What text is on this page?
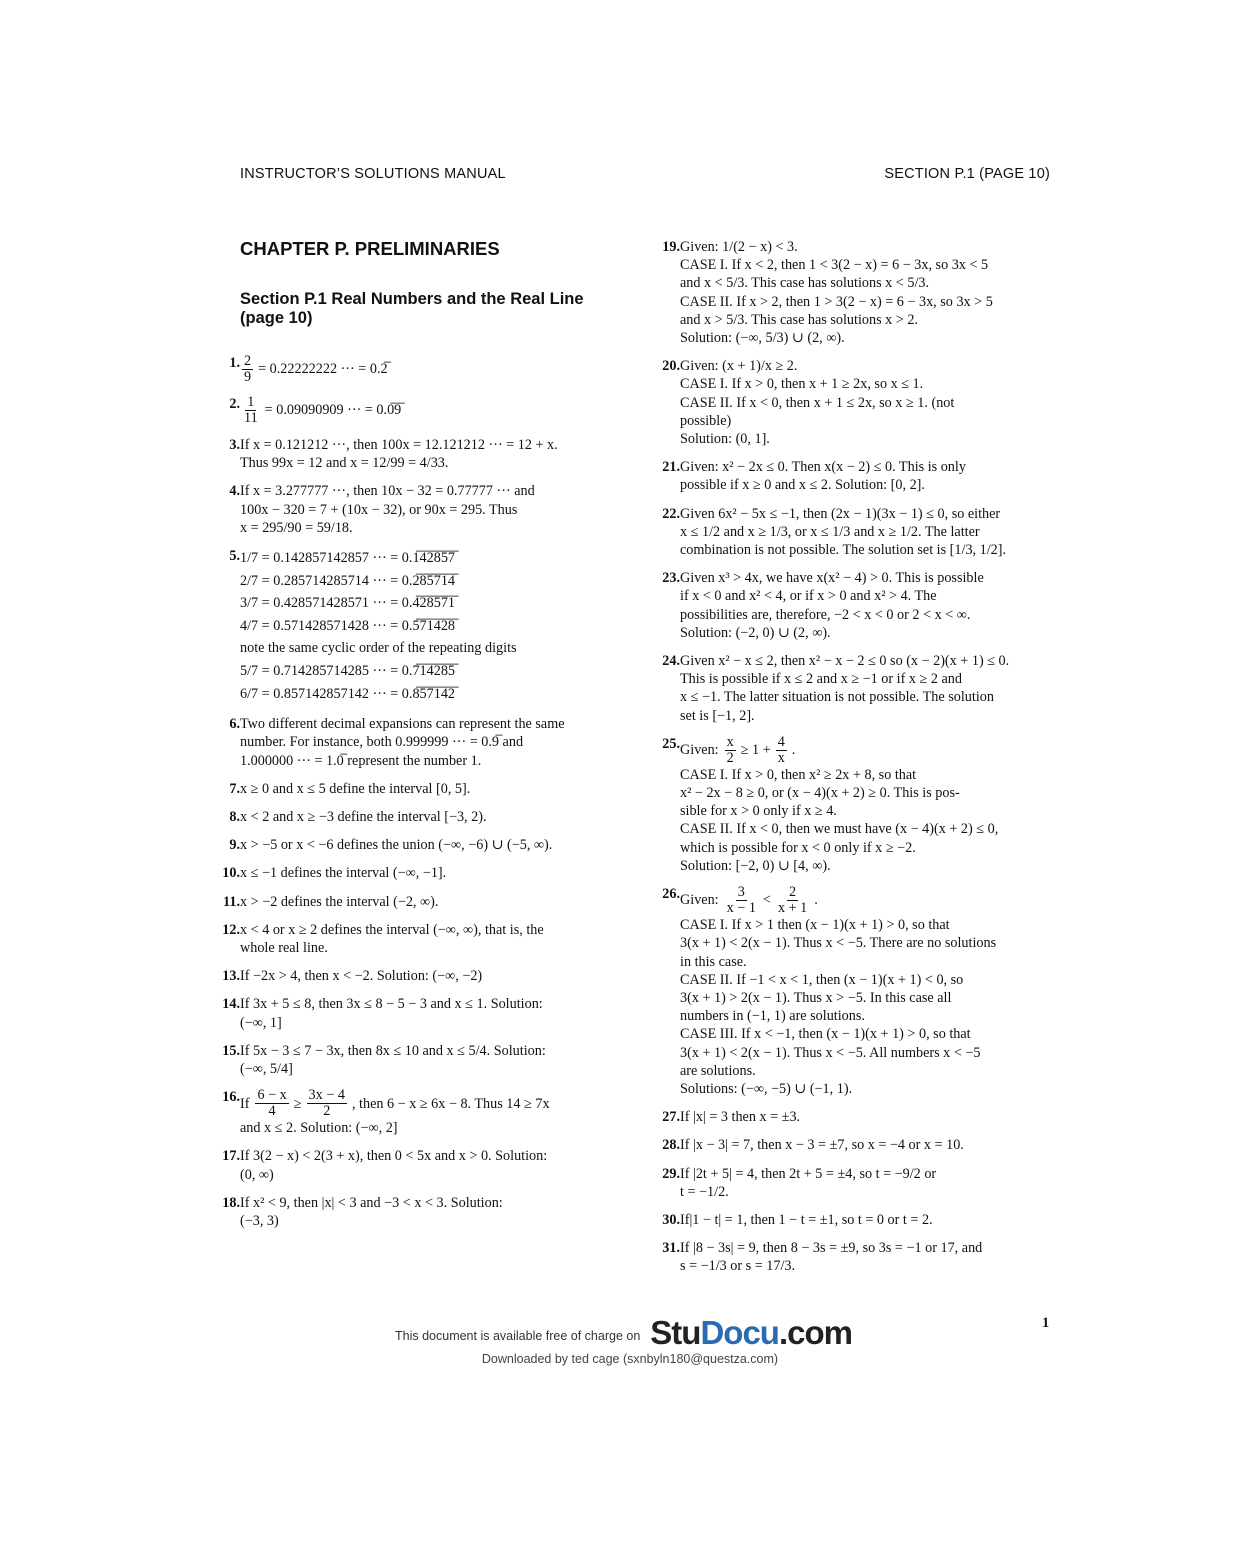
INSTRUCTOR’S SOLUTIONS MANUAL	SECTION P.1 (PAGE 10)
CHAPTER P. PRELIMINARIES
Section P.1 Real Numbers and the Real Line (page 10)
1. $\frac{2}{9} = 0.22222222$ ··· = 0.2̅
2. $\frac{1}{11} = 0.09090909$ ··· = 0.0̅9̅
3. If x = 0.121212 ···, then 100x = 12.121212 ··· = 12 + x.
Thus 99x = 12 and x = 12/99 = 4/33.
4. If x = 3.277777 ···, then 10x − 32 = 0.77777 ··· and
100x − 320 = 7 + (10x − 32), or 90x = 295. Thus
x = 295/90 = 59/18.
5. 1/7 = 0.142857142857 ··· = 0.1̅4̅2̅8̅5̅7̅
2/7 = 0.285714285714 ··· = 0.2̅8̅5̅7̅1̅4̅
3/7 = 0.428571428571 ··· = 0.4̅2̅8̅5̅7̅1̅
4/7 = 0.571428571428 ··· = 0.5̅7̅1̅4̅2̅8̅
note the same cyclic order of the repeating digits
5/7 = 0.714285714285 ··· = 0.7̅1̅4̅2̅8̅5̅
6/7 = 0.857142857142 ··· = 0.8̅5̅7̅1̅4̅2̅
6. Two different decimal expansions can represent the same
number. For instance, both 0.999999 ··· = 0.9̅ and
1.000000 ··· = 1.0̅ represent the number 1.
7. x ≥ 0 and x ≤ 5 define the interval [0, 5].
8. x < 2 and x ≥ −3 define the interval [−3, 2).
9. x > −5 or x < −6 defines the union (−∞, −6) ∪ (−5, ∞).
10. x ≤ −1 defines the interval (−∞, −1].
11. x > −2 defines the interval (−2, ∞).
12. x < 4 or x ≥ 2 defines the interval (−∞, ∞), that is, the
whole real line.
13. If −2x > 4, then x < −2. Solution: (−∞, −2)
14. If 3x + 5 ≤ 8, then 3x ≤ 8 − 5 − 3 and x ≤ 1. Solution:
(−∞, 1]
15. If 5x − 3 ≤ 7 − 3x, then 8x ≤ 10 and x ≤ 5/4. Solution:
(−∞, 5/4]
16. If $\frac{6 - x}{4} \ge \frac{3x - 4}{2}$ , then 6 − x ≥ 6x − 8. Thus 14 ≥ 7x
and x ≤ 2. Solution: (−∞, 2]
17. If 3(2 − x) < 2(3 + x), then 0 < 5x and x > 0. Solution:
(0, ∞)
18. If x² < 9, then |x| < 3 and −3 < x < 3. Solution:
(−3, 3)
19. Given: 1/(2 − x) < 3.
CASE I. If x < 2, then 1 < 3(2 − x) = 6 − 3x, so 3x < 5
and x < 5/3. This case has solutions x < 5/3.
CASE II. If x > 2, then 1 > 3(2 − x) = 6 − 3x, so 3x > 5
and x > 5/3. This case has solutions x > 2.
Solution: (−∞, 5/3) ∪ (2, ∞).
20. Given: (x + 1)/x ≥ 2.
CASE I. If x > 0, then x + 1 ≥ 2x, so x ≤ 1.
CASE II. If x < 0, then x + 1 ≤ 2x, so x ≥ 1. (not
possible)
Solution: (0, 1].
21. Given: x² − 2x ≤ 0. Then x(x − 2) ≤ 0. This is only
possible if x ≥ 0 and x ≤ 2. Solution: [0, 2].
22. Given 6x² − 5x ≤ −1, then (2x − 1)(3x − 1) ≤ 0, so either
x ≤ 1/2 and x ≥ 1/3, or x ≤ 1/3 and x ≥ 1/2. The latter
combination is not possible. The solution set is [1/3, 1/2].
23. Given x³ > 4x, we have x(x² − 4) > 0. This is possible
if x < 0 and x² < 4, or if x > 0 and x² > 4. The
possibilities are, therefore, −2 < x < 0 or 2 < x < ∞.
Solution: (−2, 0) ∪ (2, ∞).
24. Given x² − x ≤ 2, then x² − x − 2 ≤ 0 so (x − 2)(x + 1) ≤ 0.
This is possible if x ≤ 2 and x ≥ −1 or if x ≥ 2 and
x ≤ −1. The latter situation is not possible. The solution
set is [−1, 2].
25. Given: $\frac{x}{2} \ge 1 + \frac{4}{x}$ .
CASE I. If x > 0, then x² ≥ 2x + 8, so that
x² − 2x − 8 ≥ 0, or (x − 4)(x + 2) ≥ 0. This is pos-
sible for x > 0 only if x ≥ 4.
CASE II. If x < 0, then we must have (x − 4)(x + 2) ≤ 0,
which is possible for x < 0 only if x ≥ −2.
Solution: [−2, 0) ∪ [4, ∞).
26. Given: $\frac{3}{x - 1} < \frac{2}{x + 1}$ .
CASE I. If x > 1 then (x − 1)(x + 1) > 0, so that
3(x + 1) < 2(x − 1). Thus x < −5. There are no solutions
in this case.
CASE II. If −1 < x < 1, then (x − 1)(x + 1) < 0, so
3(x + 1) > 2(x − 1). Thus x > −5. In this case all
numbers in (−1, 1) are solutions.
CASE III. If x < −1, then (x − 1)(x + 1) > 0, so that
3(x + 1) < 2(x − 1). Thus x < −5. All numbers x < −5
are solutions.
Solutions: (−∞, −5) ∪ (−1, 1).
27. If |x| = 3 then x = ±3.
28. If |x − 3| = 7, then x − 3 = ±7, so x = −4 or x = 10.
29. If |2t + 5| = 4, then 2t + 5 = ±4, so t = −9/2 or
t = −1/2.
30. If|1 − t| = 1, then 1 − t = ±1, so t = 0 or t = 2.
31. If |8 − 3s| = 9, then 8 − 3s = ±9, so 3s = −1 or 17, and
s = −1/3 or s = 17/3.
This document is available free of charge on StuDocu.com
Downloaded by ted cage (sxnbyln180@questza.com)
1
